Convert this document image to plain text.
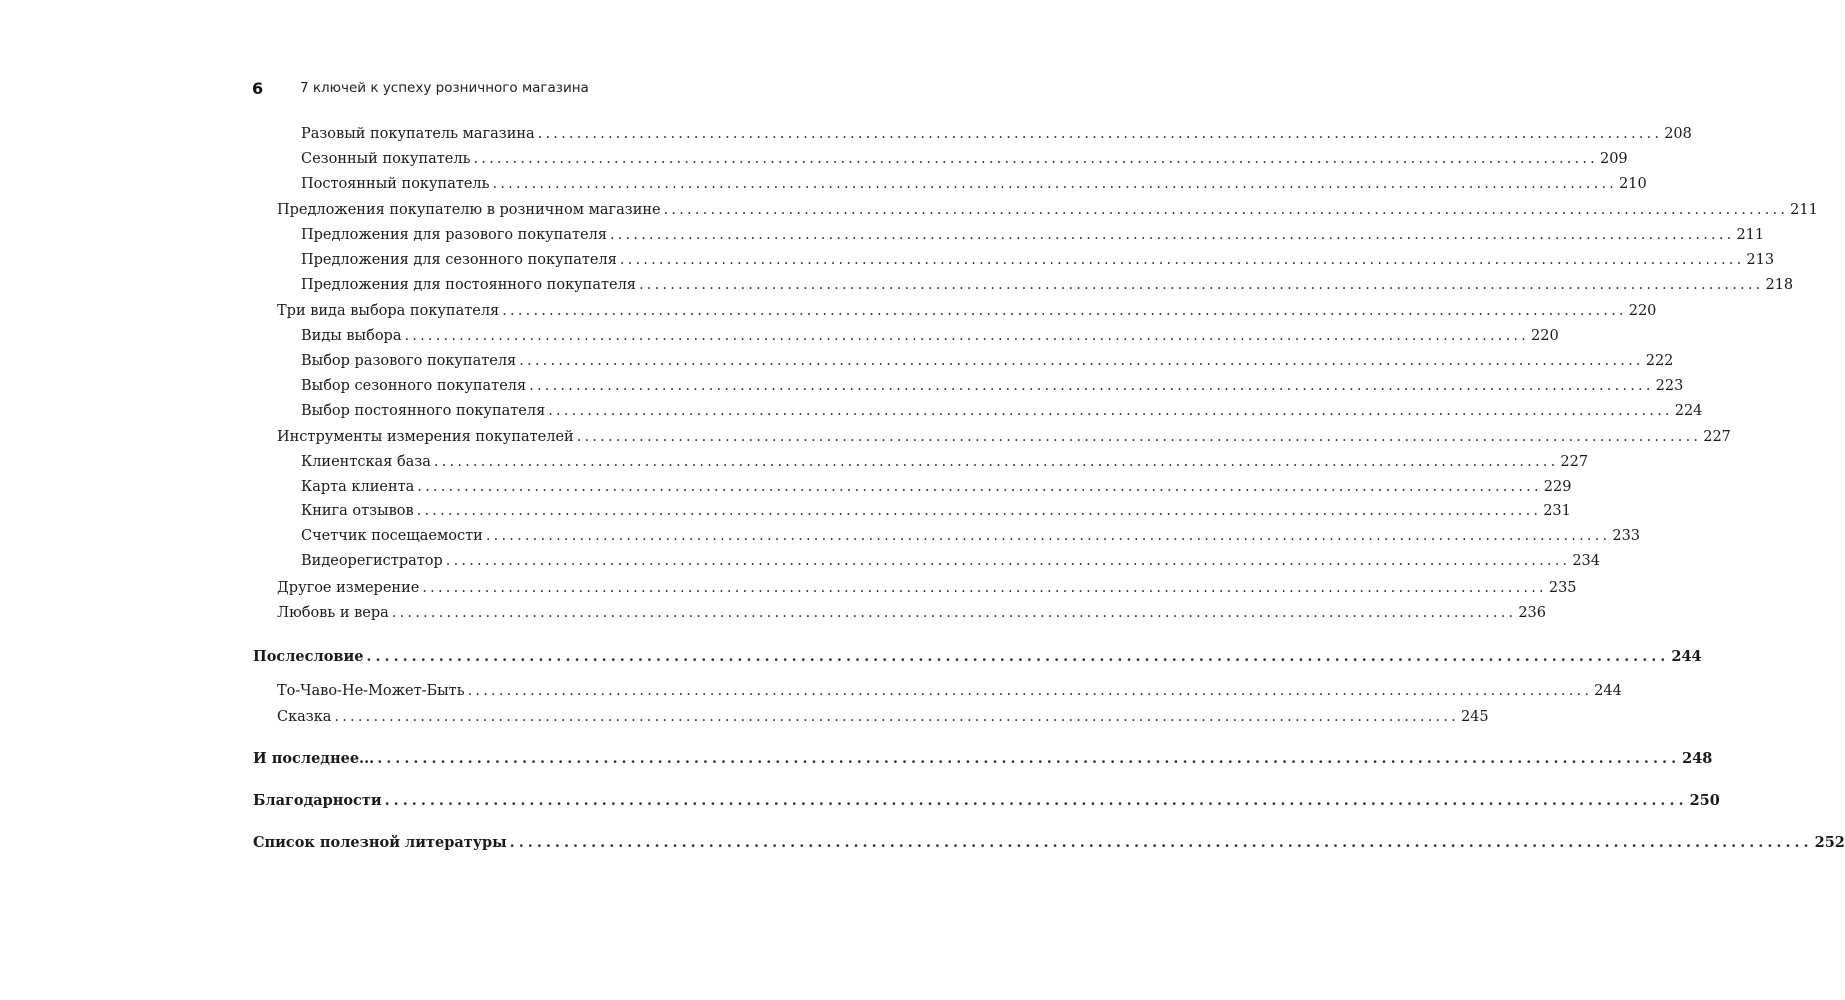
6	7 ключей к успеху розничного магазина
Разовый покупатель магазина ................................................................................................................................................ 208
Сезонный покупатель ................................................................................................................................................ 209
Постоянный покупатель ................................................................................................................................................ 210
Предложения покупателю в розничном магазине ................................................................................................................................................ 211
Предложения для разового покупателя ................................................................................................................................................ 211
Предложения для сезонного покупателя ................................................................................................................................................ 213
Предложения для постоянного покупателя ................................................................................................................................................ 218
Три вида выбора покупателя ................................................................................................................................................ 220
Виды выбора ................................................................................................................................................ 220
Выбор разового покупателя ................................................................................................................................................ 222
Выбор сезонного покупателя ................................................................................................................................................ 223
Выбор постоянного покупателя ................................................................................................................................................ 224
Инструменты измерения покупателей ................................................................................................................................................ 227
Клиентская база ................................................................................................................................................ 227
Карта клиента ................................................................................................................................................ 229
Книга отзывов ................................................................................................................................................ 231
Счетчик посещаемости ................................................................................................................................................ 233
Видеорегистратор ................................................................................................................................................ 234
Другое измерение ................................................................................................................................................ 235
Любовь и вера ................................................................................................................................................ 236
Послесловие ................................................................................................................................................ 244
То-Чаво-Не-Может-Быть ................................................................................................................................................ 244
Сказка ................................................................................................................................................ 245
И последнее... ................................................................................................................................................ 248
Благодарности ................................................................................................................................................ 250
Список полезной литературы ................................................................................................................................................ 252
